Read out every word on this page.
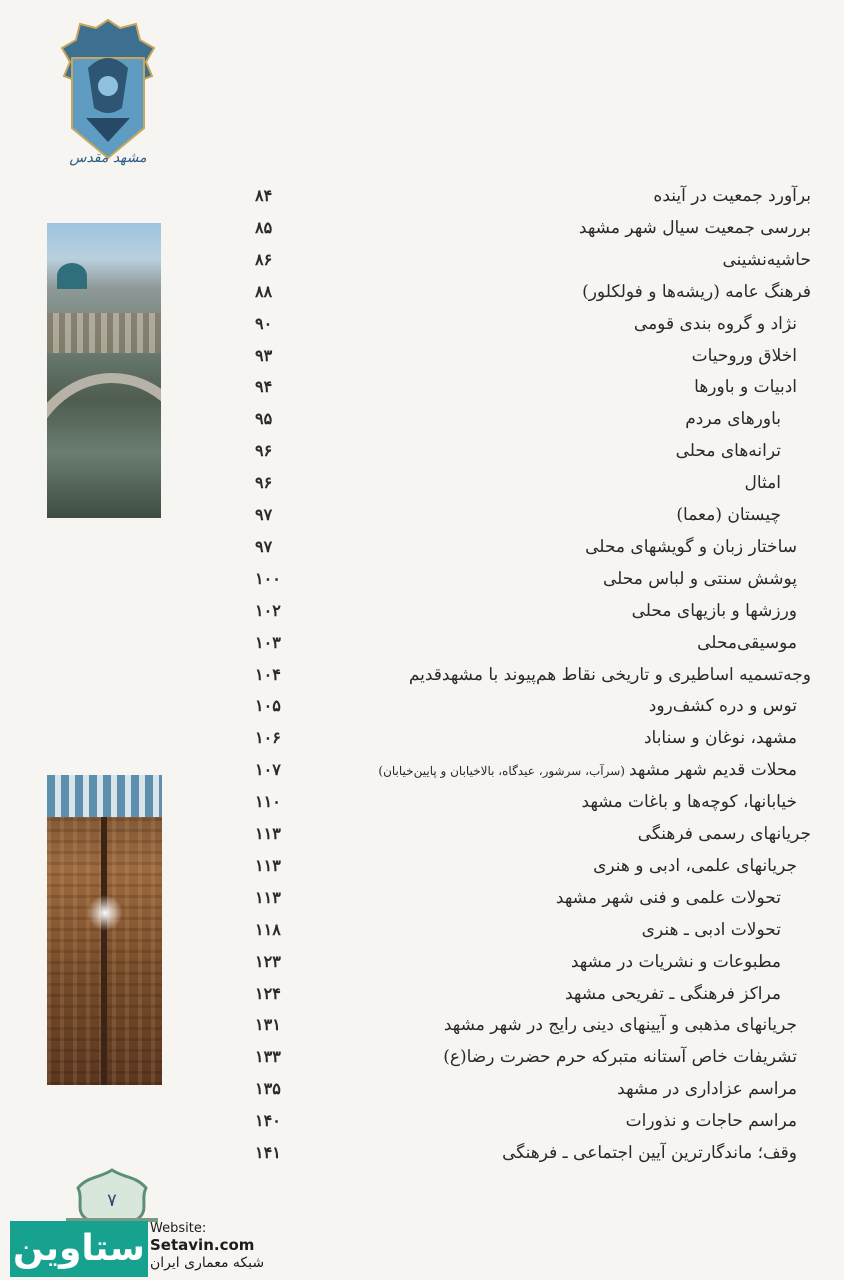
مشهد مقدس
برآورد جمعیت در آینده
۸۴
بررسی جمعیت سیال شهر مشهد
۸۵
حاشیه‌نشینی
۸۶
فرهنگ عامه (ریشه‌ها و فولکلور)
۸۸
نژاد و گروه بندی قومی
۹۰
اخلاق وروحیات
۹۳
ادبیات و باورها
۹۴
باورهای مردم
۹۵
ترانه‌های محلی
۹۶
امثال
۹۶
چیستان (معما)
۹۷
ساختار زبان و گویشهای محلی
۹۷
پوشش سنتی و لباس محلی
۱۰۰
ورزشها و بازیهای محلی
۱۰۲
موسیقی‌محلی
۱۰۳
وجه‌تسمیه اساطیری و تاریخی نقاط هم‌پیوند با مشهدقدیم
۱۰۴
توس و دره کشف‌رود
۱۰۵
مشهد، نوغان و سناباد
۱۰۶
محلات قدیم شهر مشهد(سرآب، سرشور، عیدگاه، بالاخیابان و پایین‌خیابان)
۱۰۷
خیابانها، کوچه‌ها و باغات مشهد
۱۱۰
جریانهای رسمی فرهنگی
۱۱۳
جریانهای علمی، ادبی و هنری
۱۱۳
تحولات علمی و فنی شهر مشهد
۱۱۳
تحولات ادبی ـ هنری
۱۱۸
مطبوعات و نشریات در مشهد
۱۲۳
مراکز فرهنگی ـ تفریحی مشهد
۱۲۴
جریانهای مذهبی و آیینهای دینی رایج در شهر مشهد
۱۳۱
تشریفات خاص آستانه متبرکه حرم حضرت رضا(ع)
۱۳۳
مراسم عزاداری در مشهد
۱۳۵
مراسم حاجات و نذورات
۱۴۰
وقف؛ ماندگارترین آیین اجتماعی ـ فرهنگی
۱۴۱
۷
ستاوین Website:
Setavin.com
شبکه معماری ایران
